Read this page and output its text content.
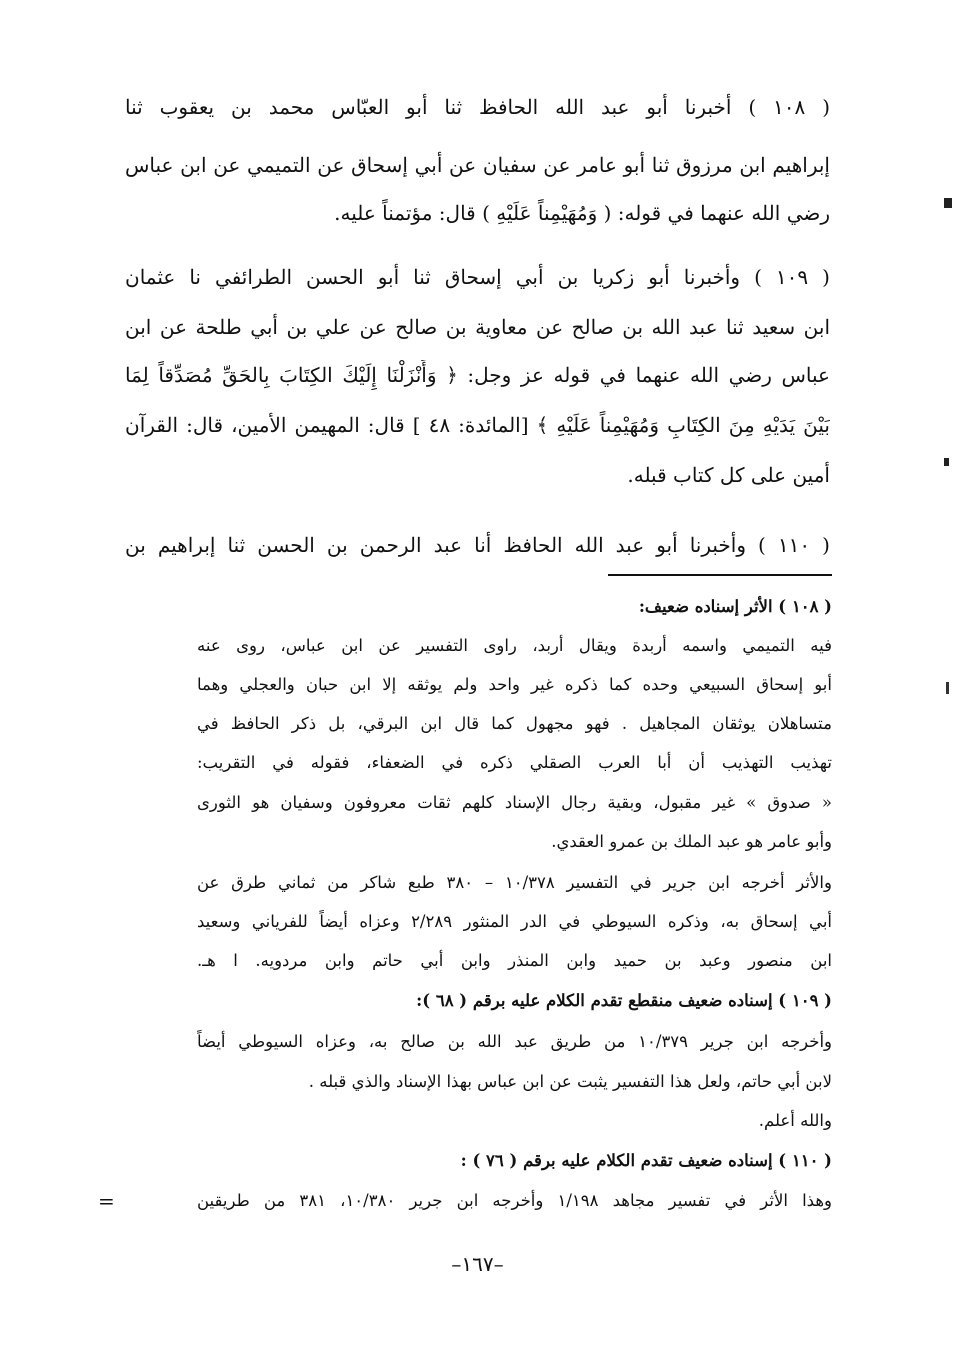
( ١٠٨ ) أخبرنا أبو عبد الله الحافظ ثنا أبو العبّاس محمد بن يعقوب ثنا
إبراهيم ابن مرزوق ثنا أبو عامر عن سفيان عن أبي إسحاق عن التميمي عن ابن عباس
رضي الله عنهما في قوله: ( وَمُهَيْمِناً عَلَيْهِ ) قال: مؤتمناً عليه.
( ١٠٩ ) وأخبرنا أبو زكريا بن أبي إسحاق ثنا أبو الحسن الطرائفي نا عثمان
ابن سعيد ثنا عبد الله بن صالح عن معاوية بن صالح عن علي بن أبي طلحة عن ابن
عباس رضي الله عنهما في قوله عز وجل: ﴿ وَأَنْزَلْنَا إِلَيْكَ الكِتَابَ بِالحَقِّ مُصَدِّقاً لِمَا
بَيْنَ يَدَيْهِ مِنَ الكِتَابِ وَمُهَيْمِناً عَلَيْهِ ﴾ [المائدة: ٤٨ ] قال: المهيمن الأمين، قال: القرآن
أمين على كل كتاب قبله.
( ١١٠ ) وأخبرنا أبو عبد الله الحافظ أنا عبد الرحمن بن الحسن ثنا إبراهيم بن
( ١٠٨ ) الأثر إسناده ضعيف:
فيه التميمي واسمه أربدة ويقال أربد، راوى التفسير عن ابن عباس، روى عنه
أبو إسحاق السبيعي وحده كما ذكره غير واحد ولم يوثقه إلا ابن حبان والعجلي وهما
متساهلان يوثقان المجاهيل . فهو مجهول كما قال ابن البرقي، بل ذكر الحافظ في
تهذيب التهذيب أن أبا العرب الصقلي ذكره في الضعفاء، فقوله في التقريب:
« صدوق » غير مقبول، وبقية رجال الإسناد كلهم ثقات معروفون وسفيان هو الثورى
وأبو عامر هو عبد الملك بن عمرو العقدي.
والأثر أخرجه ابن جرير في التفسير ١٠/٣٧٨ – ٣٨٠ طبع شاكر من ثماني طرق عن
أبي إسحاق به، وذكره السيوطي في الدر المنثور ٢/٢٨٩ وعزاه أيضاً للفرياني وسعيد
ابن منصور وعبد بن حميد وابن المنذر وابن أبي حاتم وابن مردويه. ا هـ.
( ١٠٩ ) إسناده ضعيف منقطع تقدم الكلام عليه برقم ( ٦٨ ):
وأخرجه ابن جرير ١٠/٣٧٩ من طريق عبد الله بن صالح به، وعزاه السيوطي أيضاً
لابن أبي حاتم، ولعل هذا التفسير يثبت عن ابن عباس بهذا الإسناد والذي قبله .
والله أعلم.
( ١١٠ ) إسناده ضعيف تقدم الكلام عليه برقم ( ٧٦ ) :
وهذا الأثر في تفسير مجاهد ١/١٩٨ وأخرجه ابن جرير ١٠/٣٨٠، ٣٨١ من طريقين
=
–١٦٧–
